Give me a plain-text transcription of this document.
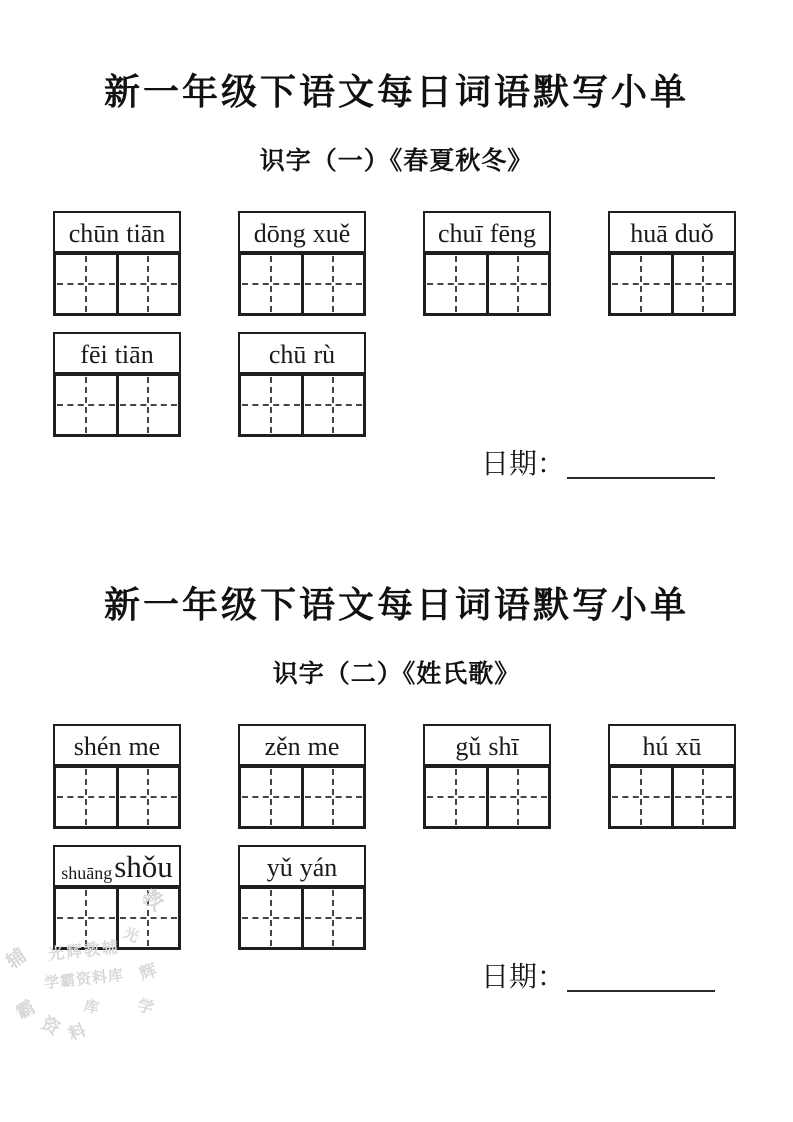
新一年级下语文每日词语默写小单
识字（一）《春夏秋冬》
chūn tiān	dōng xuě	chuī fēng	huā duǒ
fēi tiān	chū rù
日期：
新一年级下语文每日词语默写小单
识字（二）《姓氏歌》
shén me	zěn me	gǔ shī	hú xū
shuāng shǒu	yǔ yán
日期：
光辉教辅
学霸资料库
教
辅
光
辉
学
霸
资 料
库
